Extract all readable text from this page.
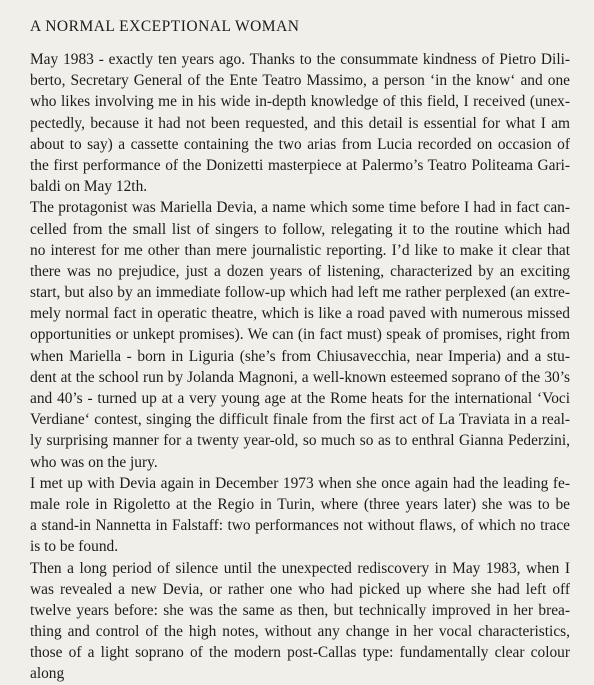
A NORMAL EXCEPTIONAL WOMAN
May 1983 - exactly ten years ago. Thanks to the consummate kindness of Pietro Dili-
berto, Secretary General of the Ente Teatro Massimo, a person ‘in the know‘ and one
who likes involving me in his wide in-depth knowledge of this field, I received (unex-
pectedly, because it had not been requested, and this detail is essential for what I am
about to say) a cassette containing the two arias from Lucia recorded on occasion of
the first performance of the Donizetti masterpiece at Palermo’s Teatro Politeama Gari-
baldi on May 12th.
The protagonist was Mariella Devia, a name which some time before I had in fact can-
celled from the small list of singers to follow, relegating it to the routine which had
no interest for me other than mere journalistic reporting. I’d like to make it clear that
there was no prejudice, just a dozen years of listening, characterized by an exciting
start, but also by an immediate follow-up which had left me rather perplexed (an extre-
mely normal fact in operatic theatre, which is like a road paved with numerous missed
opportunities or unkept promises). We can (in fact must) speak of promises, right from
when Mariella - born in Liguria (she’s from Chiusavecchia, near Imperia) and a stu-
dent at the school run by Jolanda Magnoni, a well-known esteemed soprano of the 30’s
and 40’s - turned up at a very young age at the Rome heats for the international ‘Voci
Verdiane‘ contest, singing the difficult finale from the first act of La Traviata in a real-
ly surprising manner for a twenty year-old, so much so as to enthral Gianna Pederzini,
who was on the jury.
I met up with Devia again in December 1973 when she once again had the leading fe-
male role in Rigoletto at the Regio in Turin, where (three years later) she was to be
a stand-in Nannetta in Falstaff: two performances not without flaws, of which no trace
is to be found.
Then a long period of silence until the unexpected rediscovery in May 1983, when I
was revealed a new Devia, or rather one who had picked up where she had left off
twelve years before: she was the same as then, but technically improved in her brea-
thing and control of the high notes, without any change in her vocal characteristics,
those of a light soprano of the modern post-Callas type: fundamentally clear colour along
